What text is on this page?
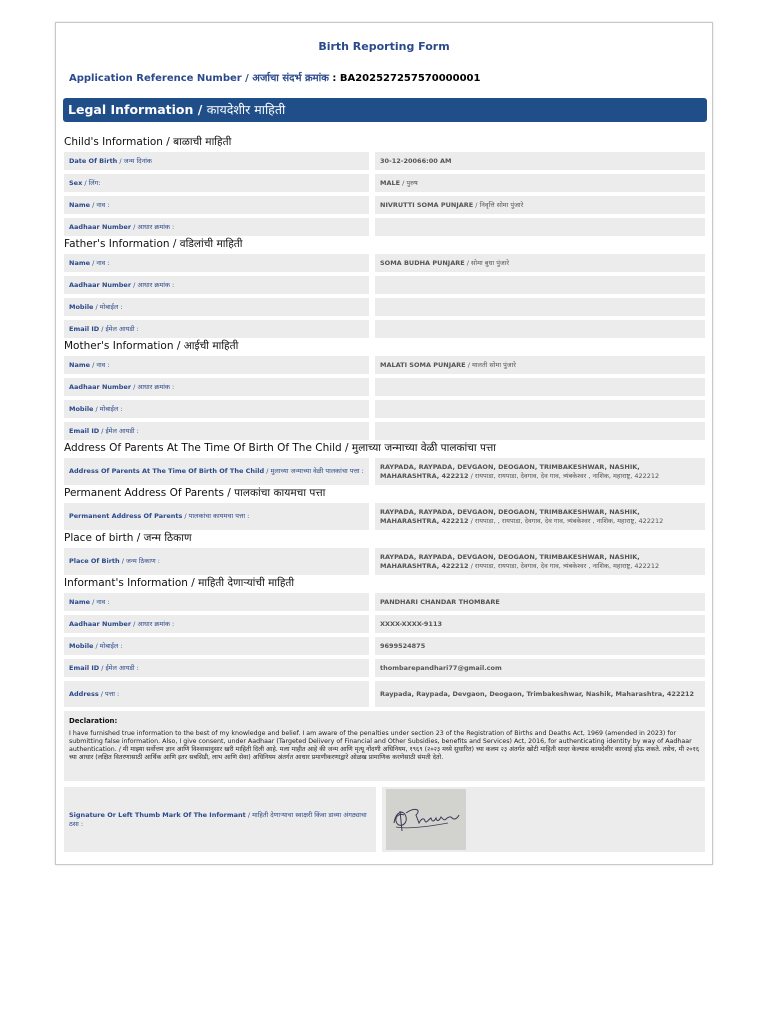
Birth Reporting Form
Application Reference Number / अर्जाचा संदर्भ क्रमांक : BA202527257570000001
Legal Information / कायदेशीर माहिती
Child's Information / बाळाची माहिती
Date Of Birth / जन्म दिनांक	30-12-20066:00 AM
Sex / लिंग:	MALE / पुरुष
Name / नाव :	NIVRUTTI SOMA PUNJARE / निवृत्ति सोमा पुंजारे
Aadhaar Number / आधार क्रमांक :
Father's Information / वडिलांची माहिती
Name / नाव :	SOMA BUDHA PUNJARE / सोमा बुधा पुंजारे
Aadhaar Number / आधार क्रमांक :
Mobile / मोबाईल :
Email ID / ईमेल आयडी :
Mother's Information / आईची माहिती
Name / नाव :	MALATI SOMA PUNJARE / मालती सोमा पुंजारे
Aadhaar Number / आधार क्रमांक :
Mobile / मोबाईल :
Email ID / ईमेल आयडी :
Address Of Parents At The Time Of Birth Of The Child / मुलाच्या जन्माच्या वेळी पालकांचा पत्ता
Address Of Parents At The Time Of Birth Of The Child / मुलाच्या जन्माच्या वेळी पालकांचा पत्ता :
RAYPADA, RAYPADA, DEVGAON, DEOGAON, TRIMBAKESHWAR, NASHIK, MAHARASHTRA, 422212 / रायपाडा, रायपाडा, देवगाव, देव गाव, त्र्यंबकेश्वर , नाशिक, महाराष्ट्र, 422212
Permanent Address Of Parents / पालकांचा कायमचा पत्ता
Permanent Address Of Parents / पालकांचा कायमचा पत्ता :
RAYPADA, RAYPADA, DEVGAON, DEOGAON, TRIMBAKESHWAR, NASHIK, MAHARASHTRA, 422212 / रायपाडा, , रायपाडा, देवगाव, देव गाव, त्र्यंबकेश्वर , नाशिक, महाराष्ट्र, 422212
Place of birth / जन्म ठिकाण
Place Of Birth / जन्म ठिकाण :
RAYPADA, RAYPADA, DEVGAON, DEOGAON, TRIMBAKESHWAR, NASHIK, MAHARASHTRA, 422212 / रायपाडा, रायपाडा, देवगाव, देव गाव, त्र्यंबकेश्वर , नाशिक, महाराष्ट्र, 422212
Informant's Information / माहिती देणाऱ्यांची माहिती
Name / नाव :	PANDHARI CHANDAR THOMBARE
Aadhaar Number / आधार क्रमांक :	XXXX-XXXX-9113
Mobile / मोबाईल :	9699524875
Email ID / ईमेल आयडी :	thombarepandhari77@gmail.com
Address / पत्ता :	Raypada, Raypada, Devgaon, Deogaon, Trimbakeshwar, Nashik, Maharashtra, 422212
Declaration:
I have furnished true information to the best of my knowledge and belief. I am aware of the penalties under section 23 of the Registration of Births and Deaths Act, 1969 (amended in 2023) for submitting false information. Also, I give consent, under Aadhaar (Targeted Delivery of Financial and Other Subsidies, benefits and Services) Act, 2016, for authenticating identity by way of Aadhaar authentication. / मी माझ्या सर्वोत्तम ज्ञान आणि विश्वासानुसार खरी माहिती दिली आहे. मला माहीत आहे की जन्म आणि मृत्यू नोंदणी अधिनियम, १९६९ (२०२३ मध्ये सुधारित) च्या कलम २३ अंतर्गत खोटी माहिती सादर केल्यास कायदेशीर कारवाई होऊ शकते. तसेच, मी २०१६ च्या आधार (लक्षित वितरणासाठी आर्थिक आणि इतर सबसिडी, लाभ आणि सेवा) अधिनियम अंतर्गत आधार प्रमाणीकरणाद्वारे ओळख प्रामाणिक करणेसाठी संमती देतो.
Signature Or Left Thumb Mark Of The Informant / माहिती देणाऱ्याचा स्वाक्षरी किंवा डाव्या अंगठ्याचा ठसा :
